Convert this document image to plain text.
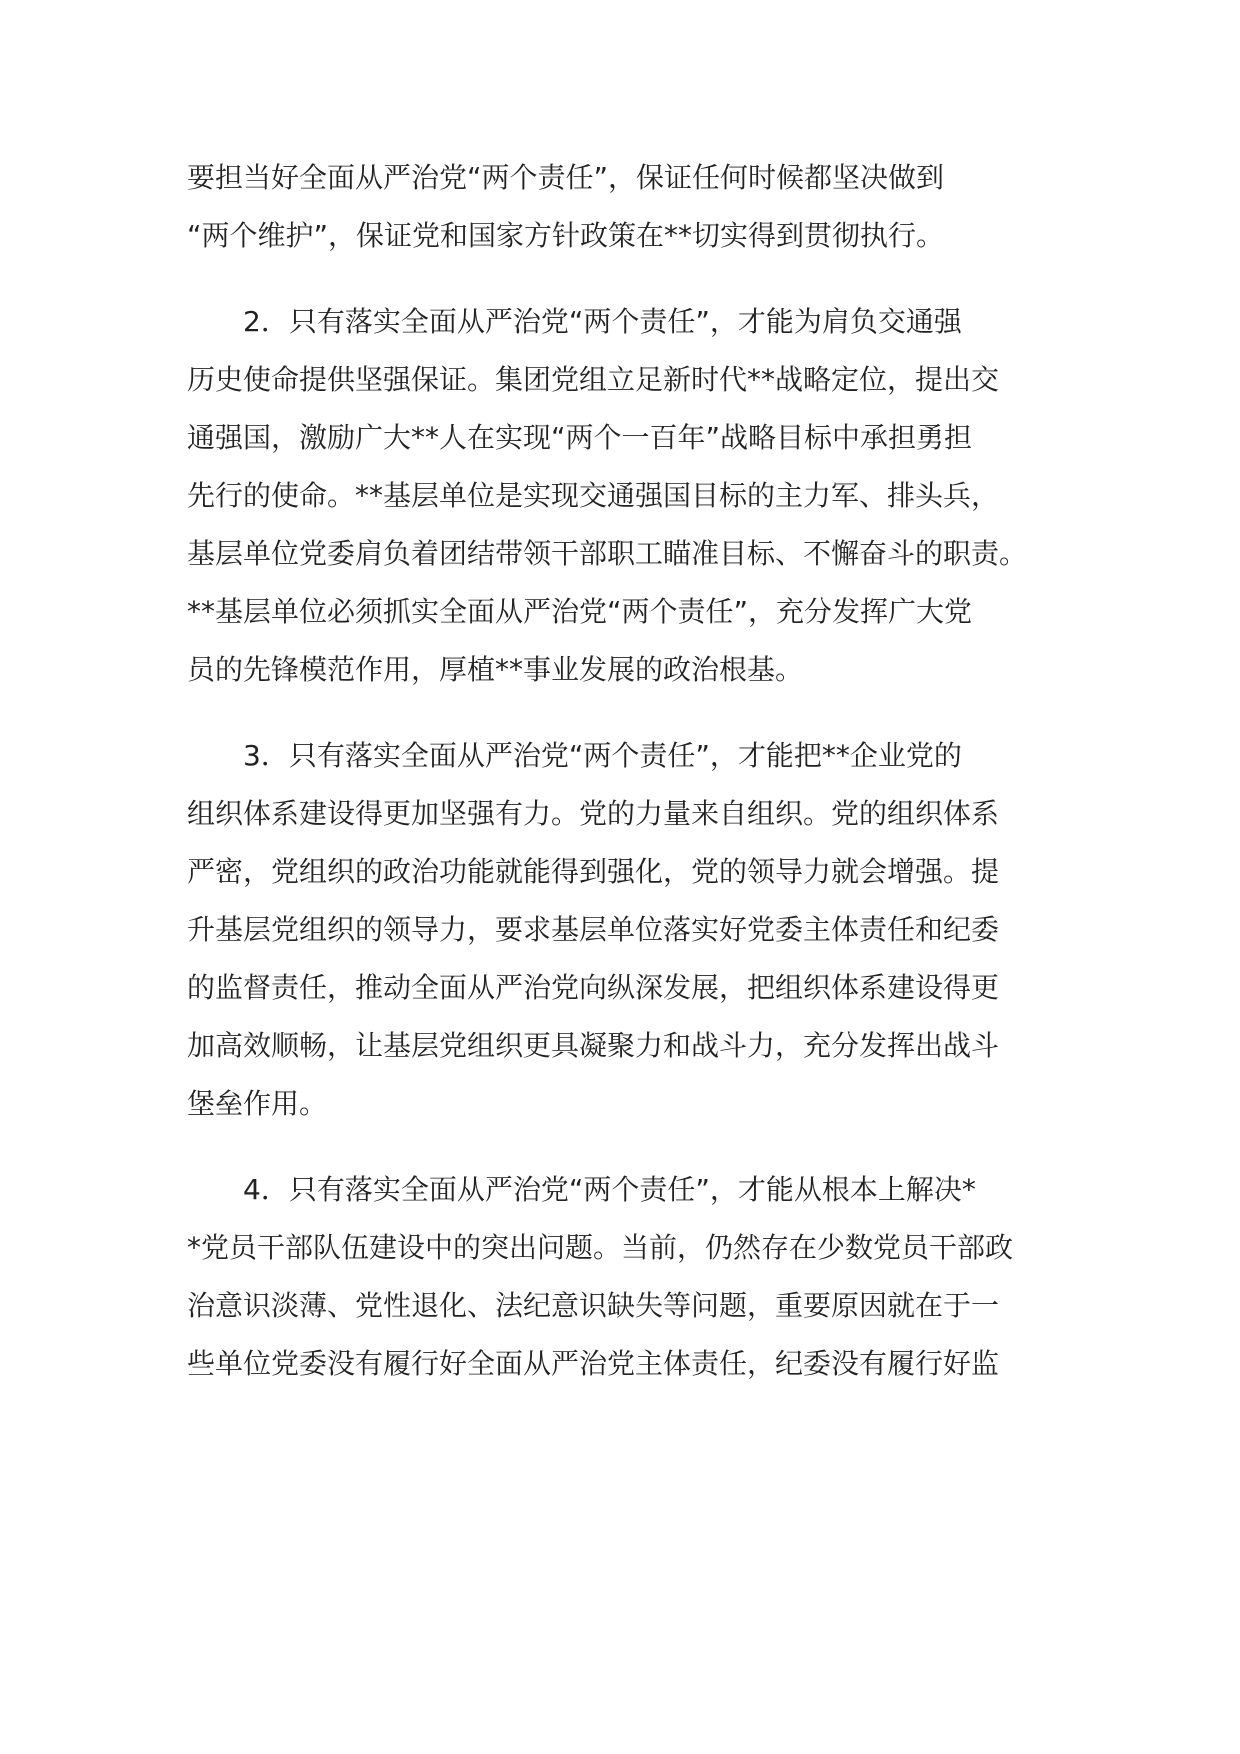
要担当好全面从严治党“两个责任”，保证任何时候都坚决做到
“两个维护”，保证党和国家方针政策在**切实得到贯彻执行。
2．只有落实全面从严治党“两个责任”，才能为肩负交通强
历史使命提供坚强保证。集团党组立足新时代**战略定位，提出交
通强国，激励广大**人在实现“两个一百年”战略目标中承担勇担
先行的使命。**基层单位是实现交通强国目标的主力军、排头兵，
基层单位党委肩负着团结带领干部职工瞄准目标、不懈奋斗的职责。
**基层单位必须抓实全面从严治党“两个责任”，充分发挥广大党
员的先锋模范作用，厚植**事业发展的政治根基。
3．只有落实全面从严治党“两个责任”，才能把**企业党的
组织体系建设得更加坚强有力。党的力量来自组织。党的组织体系
严密，党组织的政治功能就能得到强化，党的领导力就会增强。提
升基层党组织的领导力，要求基层单位落实好党委主体责任和纪委
的监督责任，推动全面从严治党向纵深发展，把组织体系建设得更
加高效顺畅，让基层党组织更具凝聚力和战斗力，充分发挥出战斗
堡垒作用。
4．只有落实全面从严治党“两个责任”，才能从根本上解决*
*党员干部队伍建设中的突出问题。当前，仍然存在少数党员干部政
治意识淡薄、党性退化、法纪意识缺失等问题，重要原因就在于一
些单位党委没有履行好全面从严治党主体责任，纪委没有履行好监
